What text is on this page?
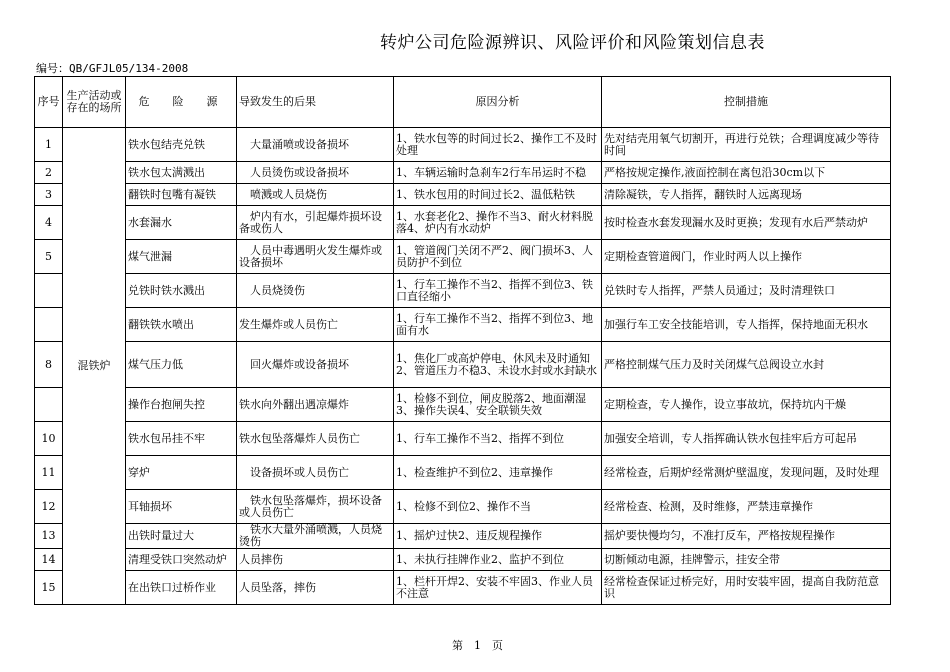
转炉公司危险源辨识、风险评价和风险策划信息表
编号：QB/GFJL05/134-2008
序号	生产活动或存在的场所	危　险　源	导致发生的后果	原因分析	控制措施
1	混铁炉	铁水包结壳兑铁	　大量涌喷或设备损坏	1、铁水包等的时间过长2、操作工不及时处理	先对结壳用氧气切割开，再进行兑铁；合理调度减少等待时间
2		铁水包太满溅出	　人员烫伤或设备损坏	1、车辆运输时急刹车2行车吊运时不稳	严格按规定操作,液面控制在离包沿30cm以下
3		翻铁时包嘴有凝铁	　喷溅或人员烧伤	1、铁水包用的时间过长2、温低粘铁	清除凝铁，专人指挥，翻铁时人远离现场
4		水套漏水	　炉内有水，引起爆炸损坏设备或伤人	1、水套老化2、操作不当3、耐火材料脱落4、炉内有水动炉	按时检查水套发现漏水及时更换；发现有水后严禁动炉
5		煤气泄漏	　人员中毒遇明火发生爆炸或设备损坏	1、管道阀门关闭不严2、阀门损坏3、人员防护不到位	定期检查管道阀门，作业时两人以上操作
		兑铁时铁水溅出	　人员烧烫伤	1、行车工操作不当2、指挥不到位3、铁口直径缩小	兑铁时专人指挥，严禁人员通过；及时清理铁口
		翻铁铁水喷出	发生爆炸或人员伤亡	1、行车工操作不当2、指挥不到位3、地面有水	加强行车工安全技能培训，专人指挥，保持地面无积水
8		煤气压力低	　回火爆炸或设备损坏	1、焦化厂或高炉停电、休风未及时通知　 2、管道压力不稳3、未设水封或水封缺水	严格控制煤气压力及时关闭煤气总阀设立水封
		操作台抱闸失控	铁水向外翻出遇凉爆炸	1、检修不到位，闸皮脱落2、地面潮湿3、操作失误4、安全联锁失效	定期检查，专人操作，设立事故坑，保持坑内干燥
10		铁水包吊挂不牢	铁水包坠落爆炸人员伤亡	1、行车工操作不当2、指挥不到位	加强安全培训，专人指挥确认铁水包挂牢后方可起吊
11		穿炉	　设备损坏或人员伤亡	1、检查维护不到位2、违章操作	经常检查，后期炉经常测炉壁温度，发现问题，及时处理
12		耳轴损坏	　铁水包坠落爆炸，损坏设备或人员伤亡	1、检修不到位2、操作不当	经常检查、检测，及时维修，严禁违章操作
13		出铁时量过大	　铁水大量外涌喷溅，人员烧烫伤	1、摇炉过快2、违反规程操作	摇炉要快慢均匀，不准打反车，严格按规程操作
14		清理受铁口突然动炉	人员摔伤	1、未执行挂牌作业2、监护不到位	切断倾动电源，挂牌警示，挂安全带
15		在出铁口过桥作业	人员坠落，摔伤	1、栏杆开焊2、安装不牢固3、作业人员不注意	经常检查保证过桥完好，用时安装牢固，提高自我防范意识
第　1　页
